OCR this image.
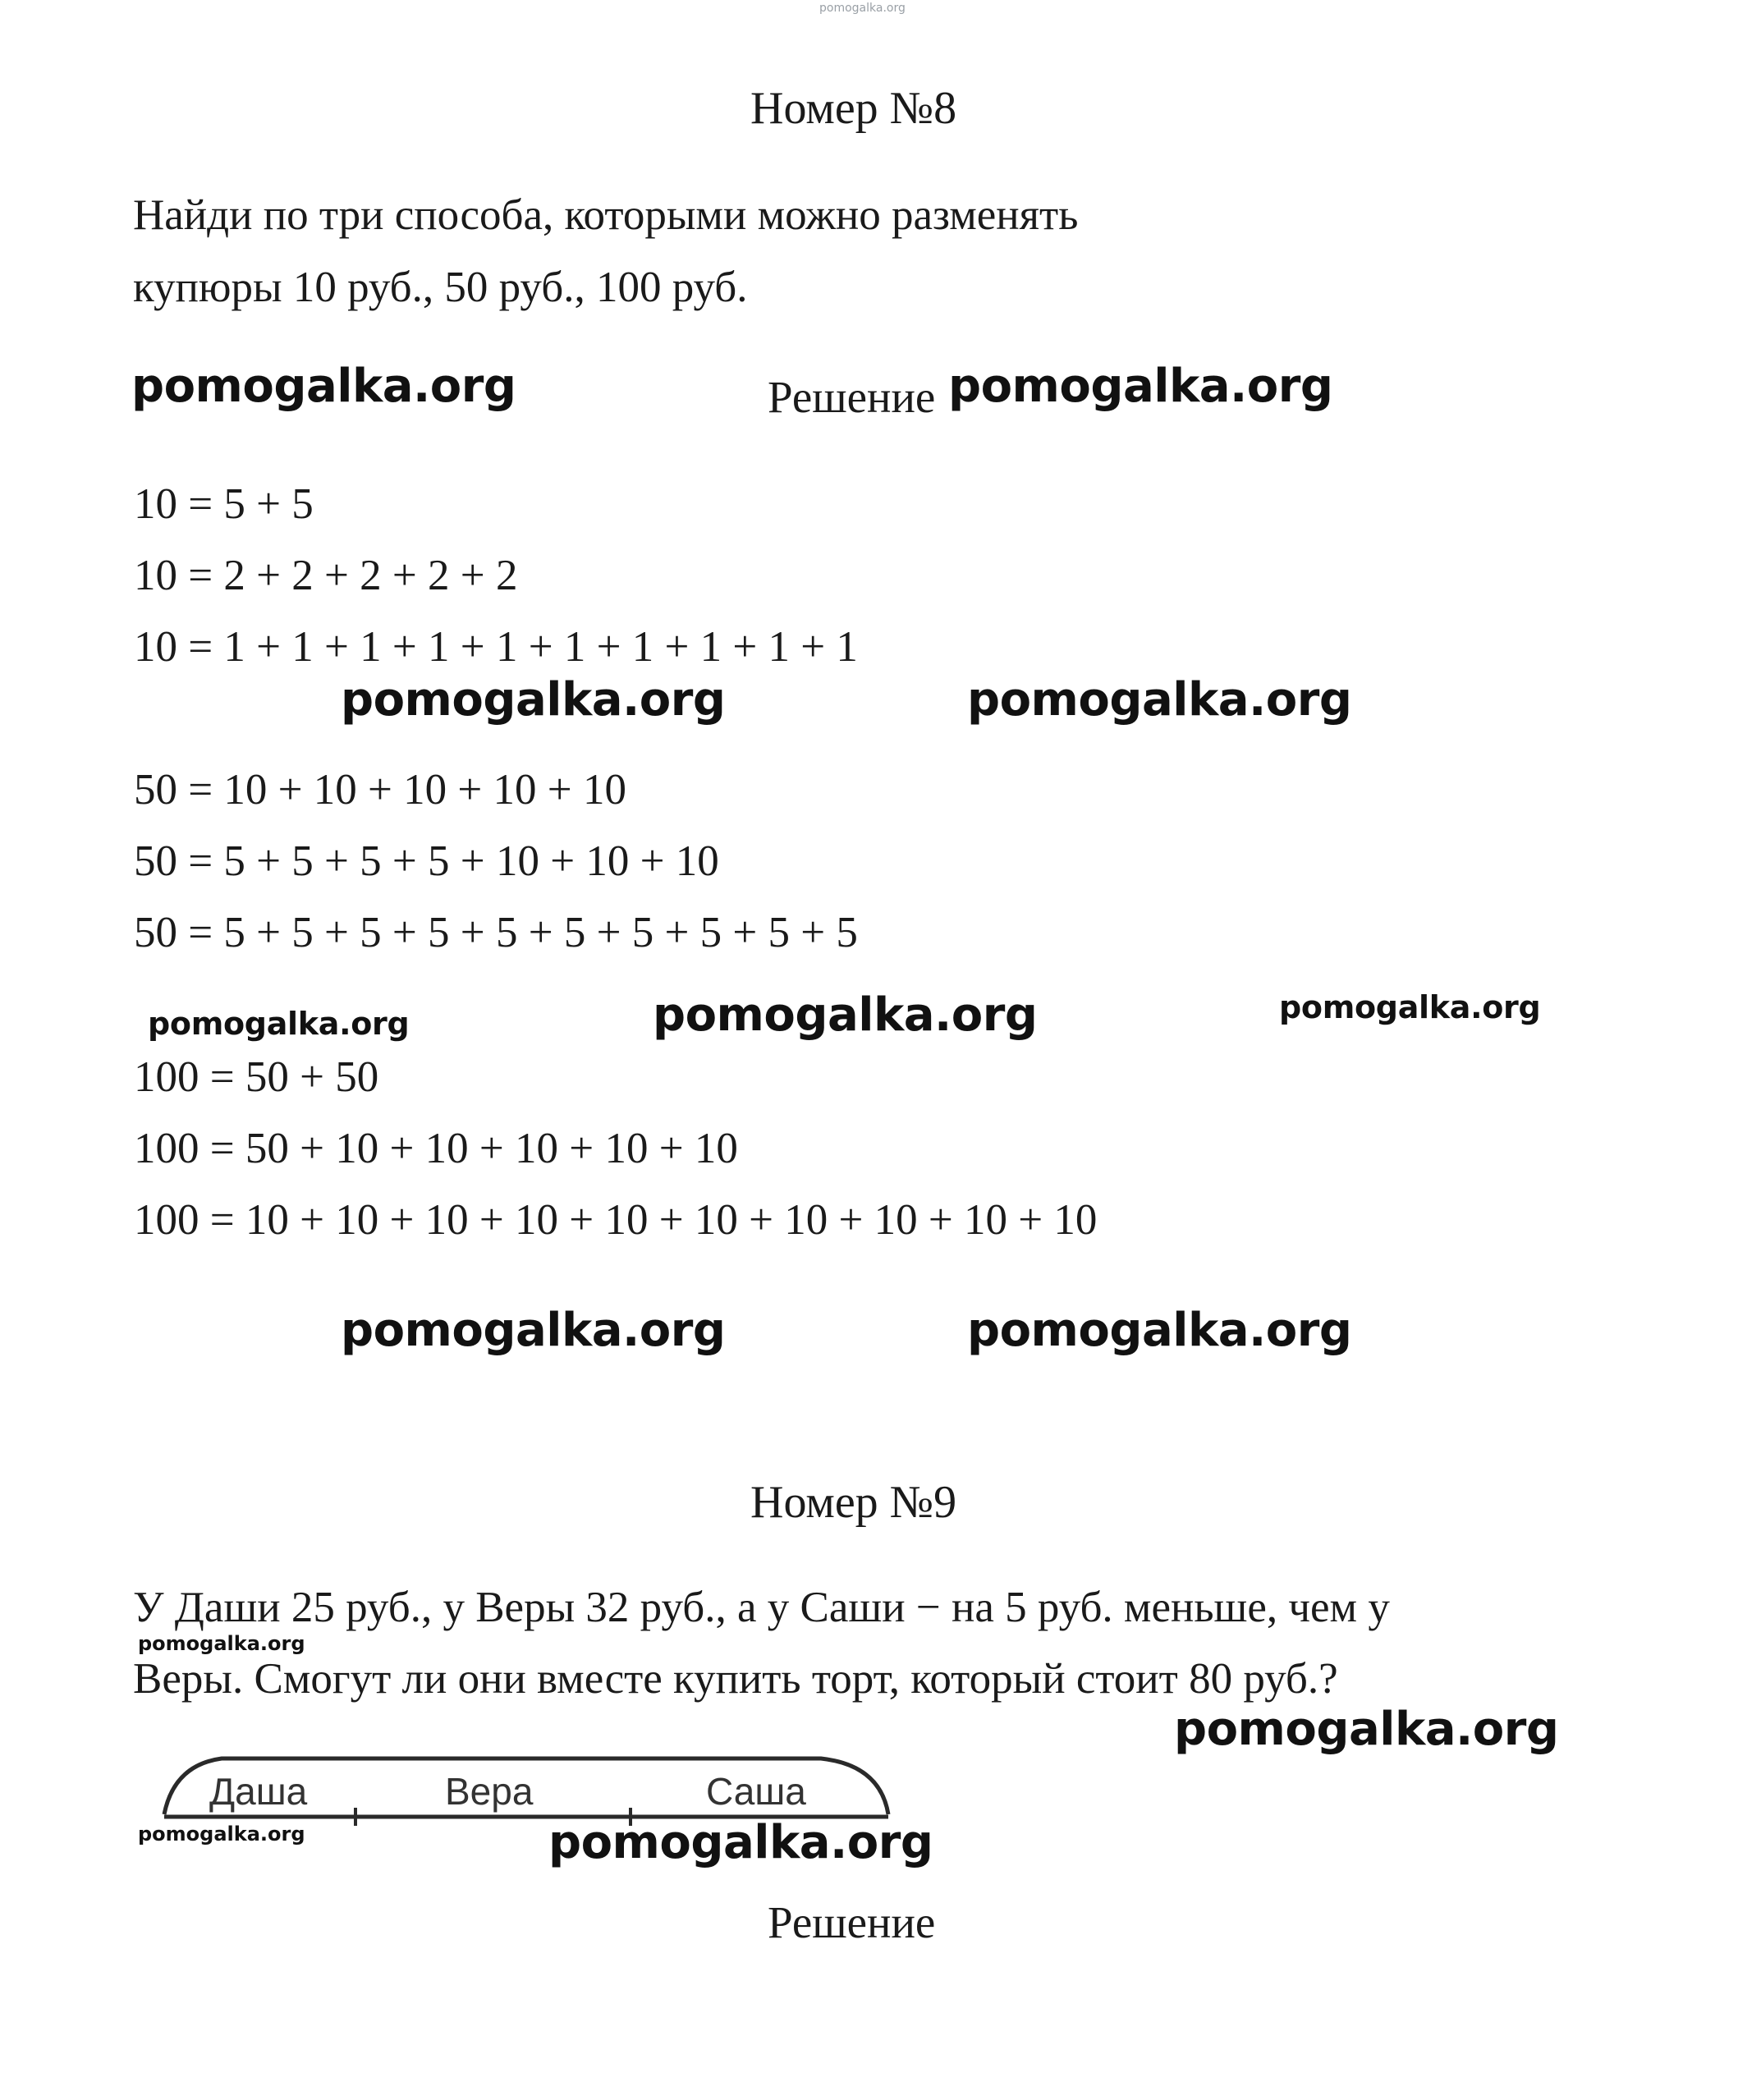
pomogalka.org
Номер №8
Найди по три способа, которыми можно разменять
купюры 10 руб., 50 руб., 100 руб.
pomogalka.org	Решение pomogalka.org
10 = 5 + 5
10 = 2 + 2 + 2 + 2 + 2
10 = 1 + 1 + 1 + 1 + 1 + 1 + 1 + 1 + 1 + 1
pomogalka.org	pomogalka.org
50 = 10 + 10 + 10 + 10 + 10
50 = 5 + 5 + 5 + 5 + 10 + 10 + 10
50 = 5 + 5 + 5 + 5 + 5 + 5 + 5 + 5 + 5 + 5
pomogalka.org	pomogalka.org	pomogalka.org
100 = 50 + 50
100 = 50 + 10 + 10 + 10 + 10 + 10
100 = 10 + 10 + 10 + 10 + 10 + 10 + 10 + 10 + 10 + 10
pomogalka.org	pomogalka.org
Номер №9
У Даши 25 руб., у Веры 32 руб., а у Саши − на 5 руб. меньше, чем у
pomogalka.org
Веры. Смогут ли они вместе купить торт, который стоит 80 руб.?
pomogalka.org
Даша	Вера	Саша
pomogalka.org	pomogalka.org
Решение
